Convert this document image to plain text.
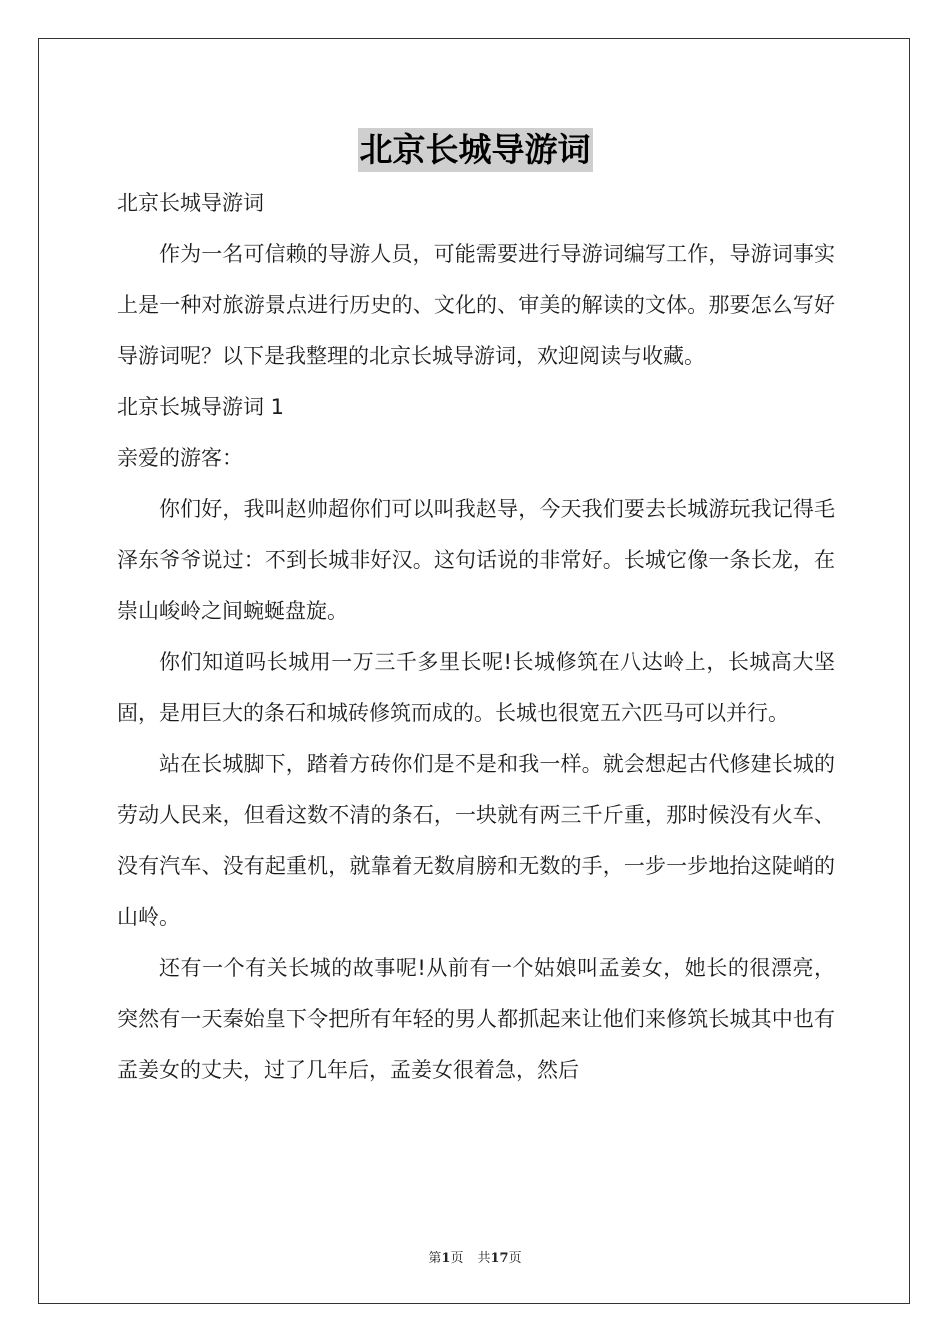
北京长城导游词

北京长城导游词

作为一名可信赖的导游人员，可能需要进行导游词编写工作，导游词事实上是一种对旅游景点进行历史的、文化的、审美的解读的文体。那要怎么写好导游词呢？以下是我整理的北京长城导游词，欢迎阅读与收藏。

北京长城导游词 1

亲爱的游客：

你们好，我叫赵帅超你们可以叫我赵导，今天我们要去长城游玩我记得毛泽东爷爷说过：不到长城非好汉。这句话说的非常好。长城它像一条长龙，在崇山峻岭之间蜿蜒盘旋。

你们知道吗长城用一万三千多里长呢!长城修筑在八达岭上，长城高大坚固，是用巨大的条石和城砖修筑而成的。长城也很宽五六匹马可以并行。

站在长城脚下，踏着方砖你们是不是和我一样。就会想起古代修建长城的劳动人民来，但看这数不清的条石，一块就有两三千斤重，那时候没有火车、没有汽车、没有起重机，就靠着无数肩膀和无数的手，一步一步地抬这陡峭的山岭。

还有一个有关长城的故事呢!从前有一个姑娘叫孟姜女，她长的很漂亮，突然有一天秦始皇下令把所有年轻的男人都抓起来让他们来修筑长城其中也有孟姜女的丈夫，过了几年后，孟姜女很着急，然后

第1页 共17页
